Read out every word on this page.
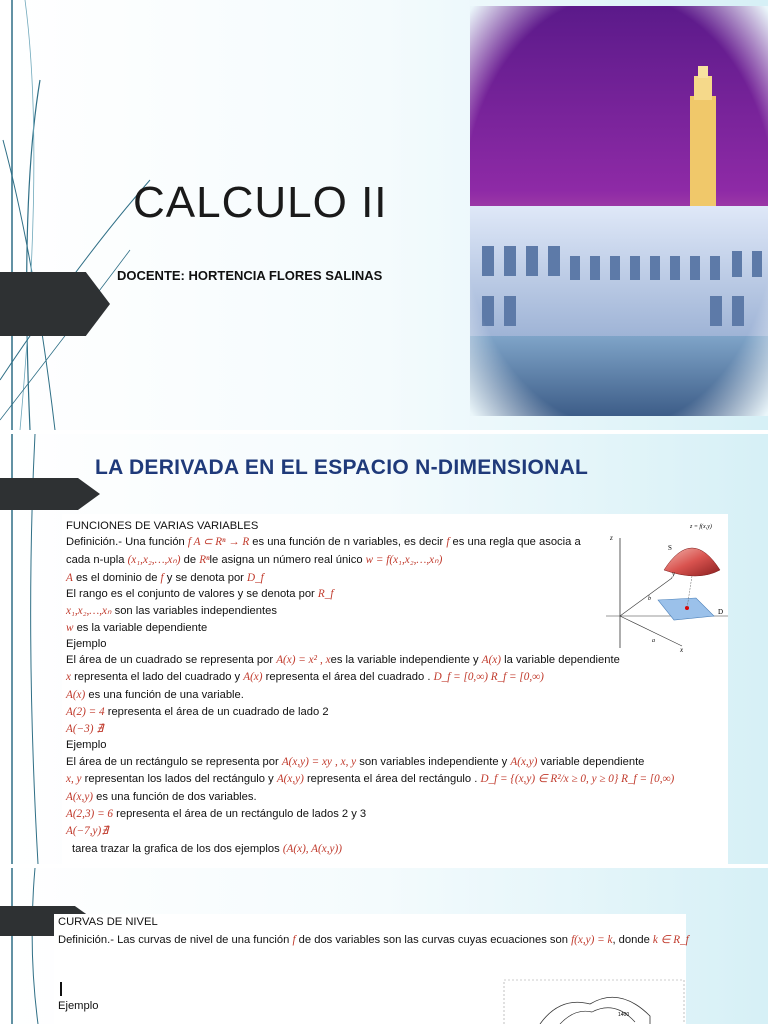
CALCULO II
DOCENTE: HORTENCIA FLORES SALINAS
LA DERIVADA EN EL ESPACIO N-DIMENSIONAL
FUNCIONES DE VARIAS VARIABLES
Definición.- Una función f A ⊂ Rⁿ → R es una función de n variables, es decir f es una regla que asocia a
cada n-upla (x₁,x₂,…,xₙ) de Rⁿle asigna un número real único w = f(x₁,x₂,…,xₙ)
A es el dominio de f y se denota por D_f
El rango es el conjunto de valores y se denota por R_f
x₁,x₂,…,xₙ son las variables independientes
w es la variable dependiente
Ejemplo
El área de un cuadrado se representa por A(x) = x² , xes la variable independiente y A(x) la variable dependiente
x representa el lado del cuadrado y A(x) representa el área del cuadrado . D_f = [0,∞) R_f = [0,∞)
A(x) es una función de una variable.
A(2) = 4 representa el área de un cuadrado de lado 2
A(−3) ∄
Ejemplo
El área de un rectángulo se representa por A(x,y) = xy , x, y son variables independiente y A(x,y) variable dependiente
x, y representan los lados del rectángulo y A(x,y) representa el área del rectángulo . D_f = {(x,y) ∈ R²/x ≥ 0, y ≥ 0} R_f = [0,∞)
A(x,y) es una función de dos variables.
A(2,3) = 6 representa el área de un rectángulo de lados 2 y 3
A(−7,y)∄
tarea trazar la grafica de los dos ejemplos (A(x), A(x,y))
z = f(x,y)
S
D
z
y
x
a
b
CURVAS DE NIVEL
Definición.- Las curvas de nivel de una función f de dos variables son las curvas cuyas ecuaciones son f(x,y) = k, donde k ∈ R_f
Ejemplo
1400
